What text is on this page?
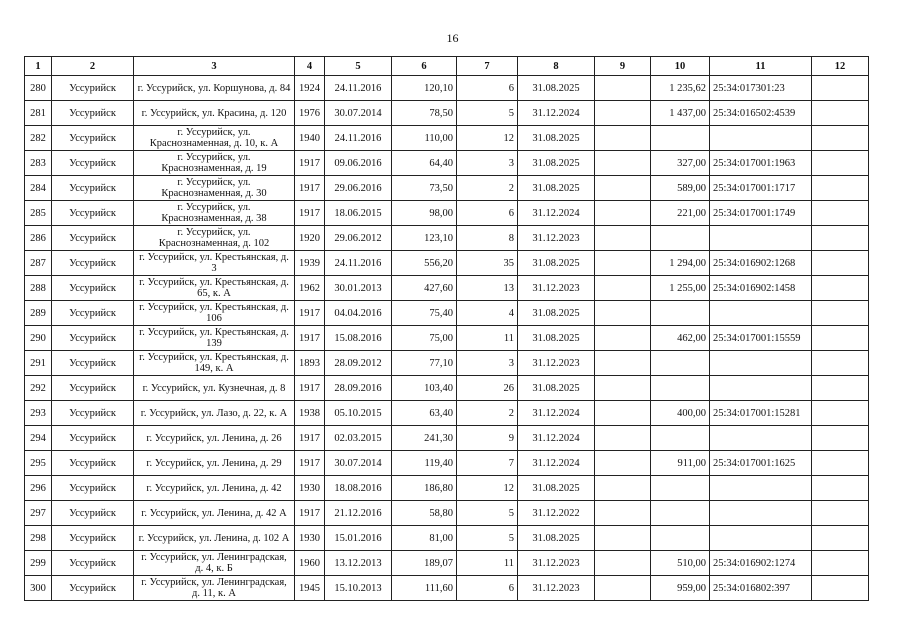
16
1	2	3	4	5	6	7	8	9	10	11	12
280	Уссурийск	г. Уссурийск, ул. Коршунова, д. 84	1924	24.11.2016	120,10	6	31.08.2025		1 235,62	25:34:017301:23	
281	Уссурийск	г. Уссурийск, ул. Красина, д. 120	1976	30.07.2014	78,50	5	31.12.2024		1 437,00	25:34:016502:4539	
282	Уссурийск	г. Уссурийск, ул. Краснознаменная, д. 10, к. А	1940	24.11.2016	110,00	12	31.08.2025				
283	Уссурийск	г. Уссурийск, ул. Краснознаменная, д. 19	1917	09.06.2016	64,40	3	31.08.2025		327,00	25:34:017001:1963	
284	Уссурийск	г. Уссурийск, ул. Краснознаменная, д. 30	1917	29.06.2016	73,50	2	31.08.2025		589,00	25:34:017001:1717	
285	Уссурийск	г. Уссурийск, ул. Краснознаменная, д. 38	1917	18.06.2015	98,00	6	31.12.2024		221,00	25:34:017001:1749	
286	Уссурийск	г. Уссурийск, ул. Краснознаменная, д. 102	1920	29.06.2012	123,10	8	31.12.2023				
287	Уссурийск	г. Уссурийск, ул. Крестьянская, д. 3	1939	24.11.2016	556,20	35	31.08.2025		1 294,00	25:34:016902:1268	
288	Уссурийск	г. Уссурийск, ул. Крестьянская, д. 65, к. А	1962	30.01.2013	427,60	13	31.12.2023		1 255,00	25:34:016902:1458	
289	Уссурийск	г. Уссурийск, ул. Крестьянская, д. 106	1917	04.04.2016	75,40	4	31.08.2025				
290	Уссурийск	г. Уссурийск, ул. Крестьянская, д. 139	1917	15.08.2016	75,00	11	31.08.2025		462,00	25:34:017001:15559	
291	Уссурийск	г. Уссурийск, ул. Крестьянская, д. 149, к. А	1893	28.09.2012	77,10	3	31.12.2023				
292	Уссурийск	г. Уссурийск, ул. Кузнечная, д. 8	1917	28.09.2016	103,40	26	31.08.2025				
293	Уссурийск	г. Уссурийск, ул. Лазо, д. 22, к. А	1938	05.10.2015	63,40	2	31.12.2024		400,00	25:34:017001:15281	
294	Уссурийск	г. Уссурийск, ул. Ленина, д. 26	1917	02.03.2015	241,30	9	31.12.2024				
295	Уссурийск	г. Уссурийск, ул. Ленина, д. 29	1917	30.07.2014	119,40	7	31.12.2024		911,00	25:34:017001:1625	
296	Уссурийск	г. Уссурийск, ул. Ленина, д. 42	1930	18.08.2016	186,80	12	31.08.2025				
297	Уссурийск	г. Уссурийск, ул. Ленина, д. 42 А	1917	21.12.2016	58,80	5	31.12.2022				
298	Уссурийск	г. Уссурийск, ул. Ленина, д. 102 А	1930	15.01.2016	81,00	5	31.08.2025				
299	Уссурийск	г. Уссурийск, ул. Ленинградская, д. 4, к. Б	1960	13.12.2013	189,07	11	31.12.2023		510,00	25:34:016902:1274	
300	Уссурийск	г. Уссурийск, ул. Ленинградская, д. 11, к. А	1945	15.10.2013	111,60	6	31.12.2023		959,00	25:34:016802:397	
